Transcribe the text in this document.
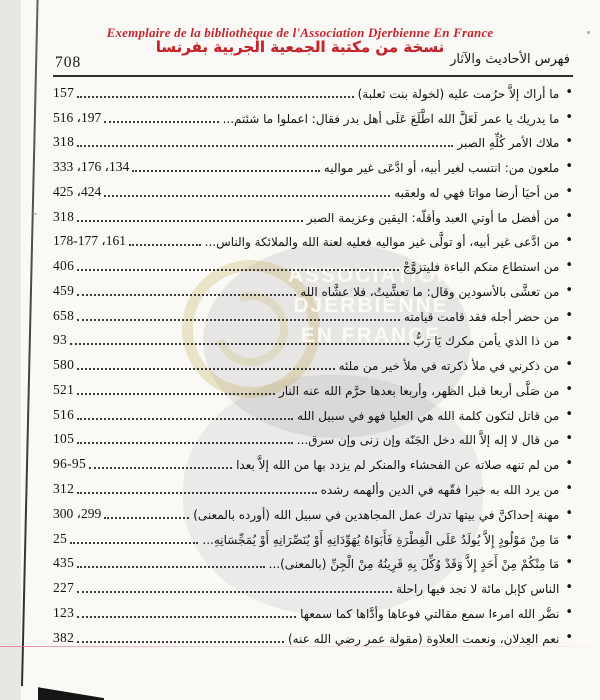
ASSOCIATION
DJERBIENNE
EN FRANCE
Exemplaire de la bibliothèque de l'Association Djerbienne En France
نسخة من مكتبة الجمعية الجربية بفرنسا
708	فهرس الأحاديث والآثار
157	ما أراك إلاَّ حرُمت عليه (لخولة بنت ثعلبة) •
516 ،197	ما يدريك يا عمر لَعَلَّ الله اطَّلَعَ عَلَى أهل بدر فقال: اعملوا ما شئتم... •
318	ملاك الأمر كُلِّهِ الصبر •
333 ،176 ،134	ملعون من: انتسب لغير أبيه، أو ادَّعَى غير مواليه •
425 ،424	من أحيَا أرضا مواتا فهي له ولعقبه •
318	من أفضل ما أوتي العبد وأقلّه: اليقين وعزيمة الصبر •
178-177 ،161	من ادَّعى غير أبيه، أو تولَّى غير مواليه فعليه لعنة الله والملائكة والناس... •
406	من استطاع منكم الباءة فليتزوَّجْ •
459	من تعشَّى بالأسودين وقال: ما تعشَّيتُ، فلا عشَّاه الله •
658	من حضر أجله فقد قامت قيامته •
93	من ذا الذي يأمن مكرك يَا رَبُّ •
580	من ذكرني في ملأ ذكرته في ملأ خير من ملئه •
521	من صَلَّى أربعا قبل الظهر، وأربعا بعدها حرَّم الله عنه النار •
516	من قاتل لتكون كلمة الله هي العليا فهو في سبيل الله •
105	من قال لا إله إلاَّ الله دخل الجَنّة وإن زنى وإن سرق... •
96-95	من لم تنهه صلاته عن الفحشاء والمنكر لم يزدد بها من الله إلاَّ بعدا •
312	من يرد الله به خيرا فقّهه في الدين وألهمه رشده •
300 ،299	مهنة إحداكنَّ في بيتها تدرك عمل المجاهدين في سبيل الله (أورده بالمعنى) •
25	مَا مِنْ مَوْلُودٍ إِلاَّ يُولَدُ عَلَى الْفِطْرَةِ فَأَبَوَاهُ يُهَوِّدَانِهِ أَوْ يُنَصِّرَانِهِ أَوْ يُمَجِّسَانِهِ... •
435	مَا مِنْكُمْ مِنْ أَحَدٍ إِلاَّ وَقَدْ وُكِّلَ بِهِ قَرِينُهُ مِنْ الْجِنِّ (بالمعنى)... •
227	الناس كإبل مائة لا تجد فيها راحلة •
123	نضَّر الله امرءا سمع مقالتي فوعاها وأدَّاها كما سمعها •
382	نعم العِدلان، ونعمت العلاوة (مقولة عمر رضي الله عنه) •
